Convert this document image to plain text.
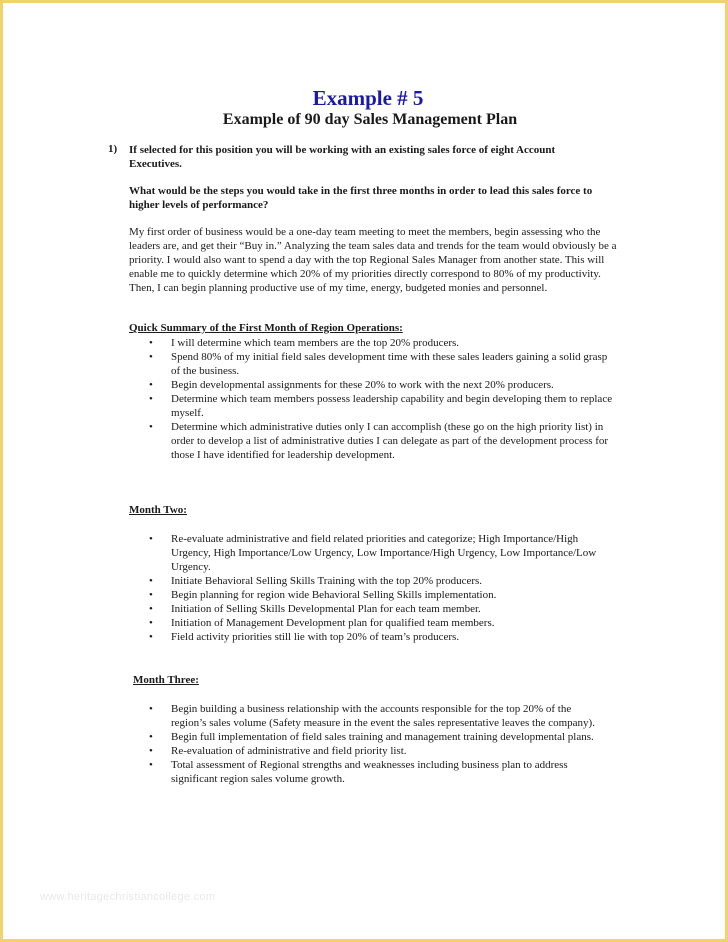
Example # 5
Example of 90 day Sales Management Plan
1) If selected for this position you will be working with an existing sales force of eight Account Executives.
What would be the steps you would take in the first three months in order to lead this sales force to higher levels of performance?
My first order of business would be a one-day team meeting to meet the members, begin assessing who the leaders are, and get their “Buy in.” Analyzing the team sales data and trends for the team would obviously be a priority. I would also want to spend a day with the top Regional Sales Manager from another state. This will enable me to quickly determine which 20% of my priorities directly correspond to 80% of my productivity. Then, I can begin planning productive use of my time, energy, budgeted monies and personnel.
Quick Summary of the First Month of Region Operations:
• I will determine which team members are the top 20% producers.
• Spend 80% of my initial field sales development time with these sales leaders gaining a solid grasp of the business.
• Begin developmental assignments for these 20% to work with the next 20% producers.
• Determine which team members possess leadership capability and begin developing them to replace myself.
• Determine which administrative duties only I can accomplish (these go on the high priority list) in order to develop a list of administrative duties I can delegate as part of the development process for those I have identified for leadership development.
Month Two:
• Re-evaluate administrative and field related priorities and categorize; High Importance/High Urgency, High Importance/Low Urgency, Low Importance/High Urgency, Low Importance/Low Urgency.
• Initiate Behavioral Selling Skills Training with the top 20% producers.
• Begin planning for region wide Behavioral Selling Skills implementation.
• Initiation of Selling Skills Developmental Plan for each team member.
• Initiation of Management Development plan for qualified team members.
• Field activity priorities still lie with top 20% of team’s producers.
Month Three:
• Begin building a business relationship with the accounts responsible for the top 20% of the region’s sales volume (Safety measure in the event the sales representative leaves the company).
• Begin full implementation of field sales training and management training developmental plans.
• Re-evaluation of administrative and field priority list.
• Total assessment of Regional strengths and weaknesses including business plan to address significant region sales volume growth.
www.heritagechristiancollege.com
